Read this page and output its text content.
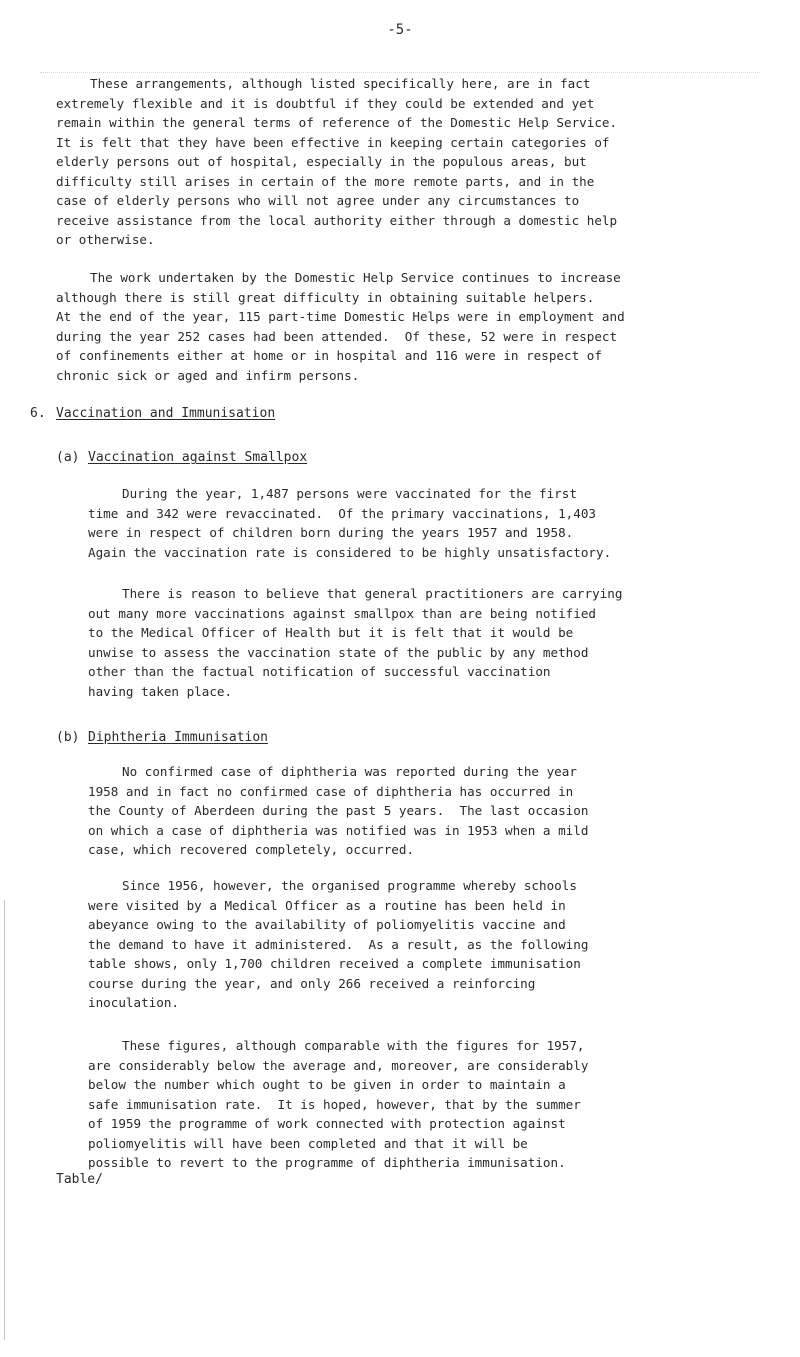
-5-
These arrangements, although listed specifically here, are in fact
extremely flexible and it is doubtful if they could be extended and yet
remain within the general terms of reference of the Domestic Help Service.
It is felt that they have been effective in keeping certain categories of
elderly persons out of hospital, especially in the populous areas, but
difficulty still arises in certain of the more remote parts, and in the
case of elderly persons who will not agree under any circumstances to
receive assistance from the local authority either through a domestic help
or otherwise.
The work undertaken by the Domestic Help Service continues to increase
although there is still great difficulty in obtaining suitable helpers.
At the end of the year, 115 part-time Domestic Helps were in employment and
during the year 252 cases had been attended.  Of these, 52 were in respect
of confinements either at home or in hospital and 116 were in respect of
chronic sick or aged and infirm persons.
6. Vaccination and Immunisation
(a) Vaccination against Smallpox
During the year, 1,487 persons were vaccinated for the first
time and 342 were revaccinated.  Of the primary vaccinations, 1,403
were in respect of children born during the years 1957 and 1958.
Again the vaccination rate is considered to be highly unsatisfactory.
There is reason to believe that general practitioners are carrying
out many more vaccinations against smallpox than are being notified
to the Medical Officer of Health but it is felt that it would be
unwise to assess the vaccination state of the public by any method
other than the factual notification of successful vaccination
having taken place.
(b) Diphtheria Immunisation
No confirmed case of diphtheria was reported during the year
1958 and in fact no confirmed case of diphtheria has occurred in
the County of Aberdeen during the past 5 years.  The last occasion
on which a case of diphtheria was notified was in 1953 when a mild
case, which recovered completely, occurred.
Since 1956, however, the organised programme whereby schools
were visited by a Medical Officer as a routine has been held in
abeyance owing to the availability of poliomyelitis vaccine and
the demand to have it administered.  As a result, as the following
table shows, only 1,700 children received a complete immunisation
course during the year, and only 266 received a reinforcing
inoculation.
These figures, although comparable with the figures for 1957,
are considerably below the average and, moreover, are considerably
below the number which ought to be given in order to maintain a
safe immunisation rate.  It is hoped, however, that by the summer
of 1959 the programme of work connected with protection against
poliomyelitis will have been completed and that it will be
possible to revert to the programme of diphtheria immunisation.
Table/
